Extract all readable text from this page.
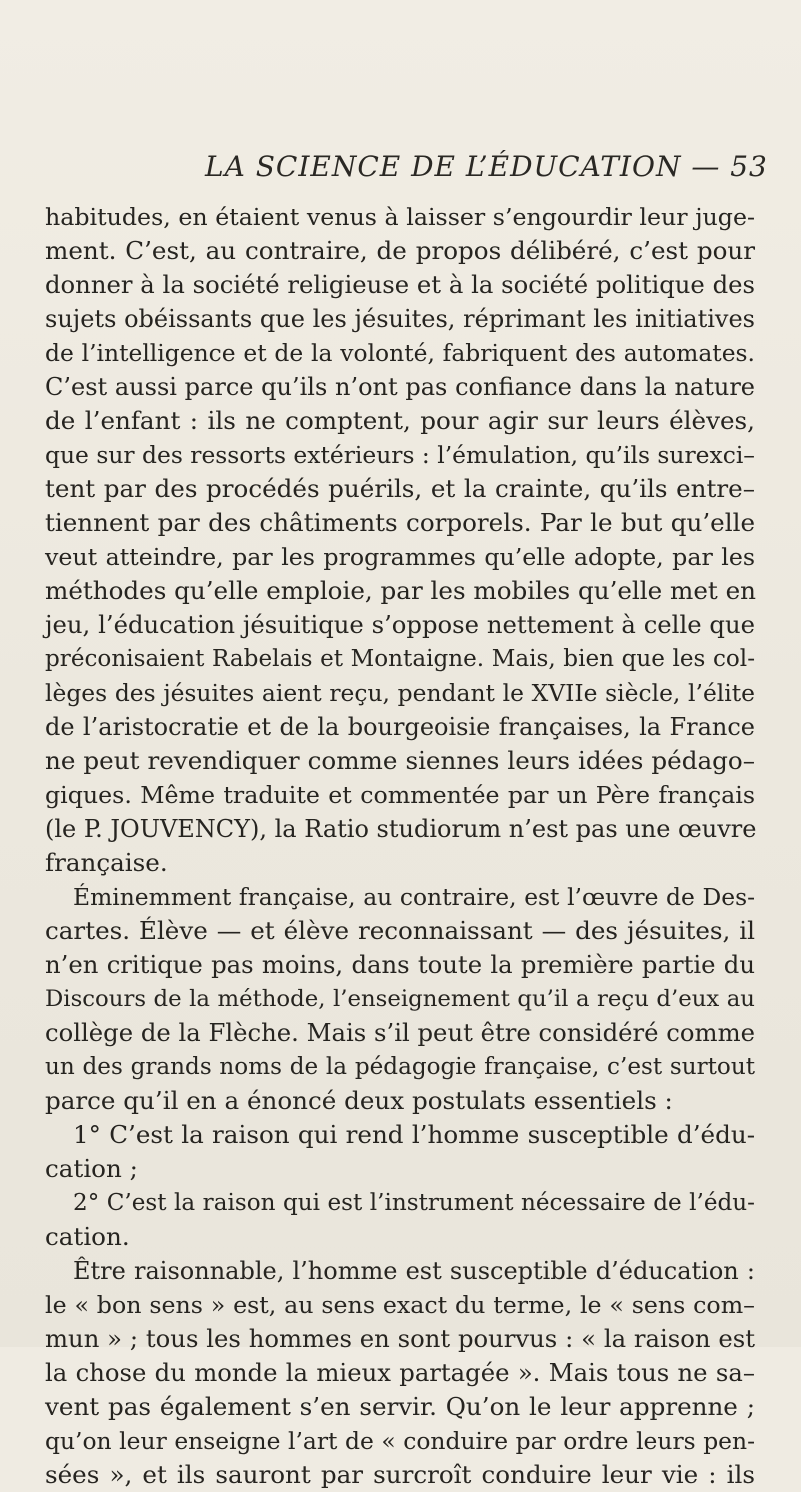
LA SCIENCE DE L’ÉDUCATION — 53
habitudes, en étaient venus à laisser s’engourdir leur juge-
ment. C’est, au contraire, de propos délibéré, c’est pour
donner à la société religieuse et à la société politique des
sujets obéissants que les jésuites, réprimant les initiatives
de l’intelligence et de la volonté, fabriquent des automates.
C’est aussi parce qu’ils n’ont pas confiance dans la nature
de l’enfant : ils ne comptent, pour agir sur leurs élèves,
que sur des ressorts extérieurs : l’émulation, qu’ils surexci–
tent par des procédés puérils, et la crainte, qu’ils entre–
tiennent par des châtiments corporels. Par le but qu’elle
veut atteindre, par les programmes qu’elle adopte, par les
méthodes qu’elle emploie, par les mobiles qu’elle met en
jeu, l’éducation jésuitique s’oppose nettement à celle que
préconisaient Rabelais et Montaigne. Mais, bien que les col-
lèges des jésuites aient reçu, pendant le XVIIe siècle, l’élite
de l’aristocratie et de la bourgeoisie françaises, la France
ne peut revendiquer comme siennes leurs idées pédago–
giques. Même traduite et commentée par un Père français
(le P. JOUVENCY), la Ratio studiorum n’est pas une œuvre
française.
Éminemment française, au contraire, est l’œuvre de Des-
cartes. Élève — et élève reconnaissant — des jésuites, il
n’en critique pas moins, dans toute la première partie du
Discours de la méthode, l’enseignement qu’il a reçu d’eux au
collège de la Flèche. Mais s’il peut être considéré comme
un des grands noms de la pédagogie française, c’est surtout
parce qu’il en a énoncé deux postulats essentiels :
1° C’est la raison qui rend l’homme susceptible d’édu-
cation ;
2° C’est la raison qui est l’instrument nécessaire de l’édu-
cation.
Être raisonnable, l’homme est susceptible d’éducation :
le « bon sens » est, au sens exact du terme, le « sens com–
mun » ; tous les hommes en sont pourvus : « la raison est
la chose du monde la mieux partagée ». Mais tous ne sa–
vent pas également s’en servir. Qu’on le leur apprenne ;
qu’on leur enseigne l’art de « conduire par ordre leurs pen-
sées », et ils sauront par surcroît conduire leur vie : ils
